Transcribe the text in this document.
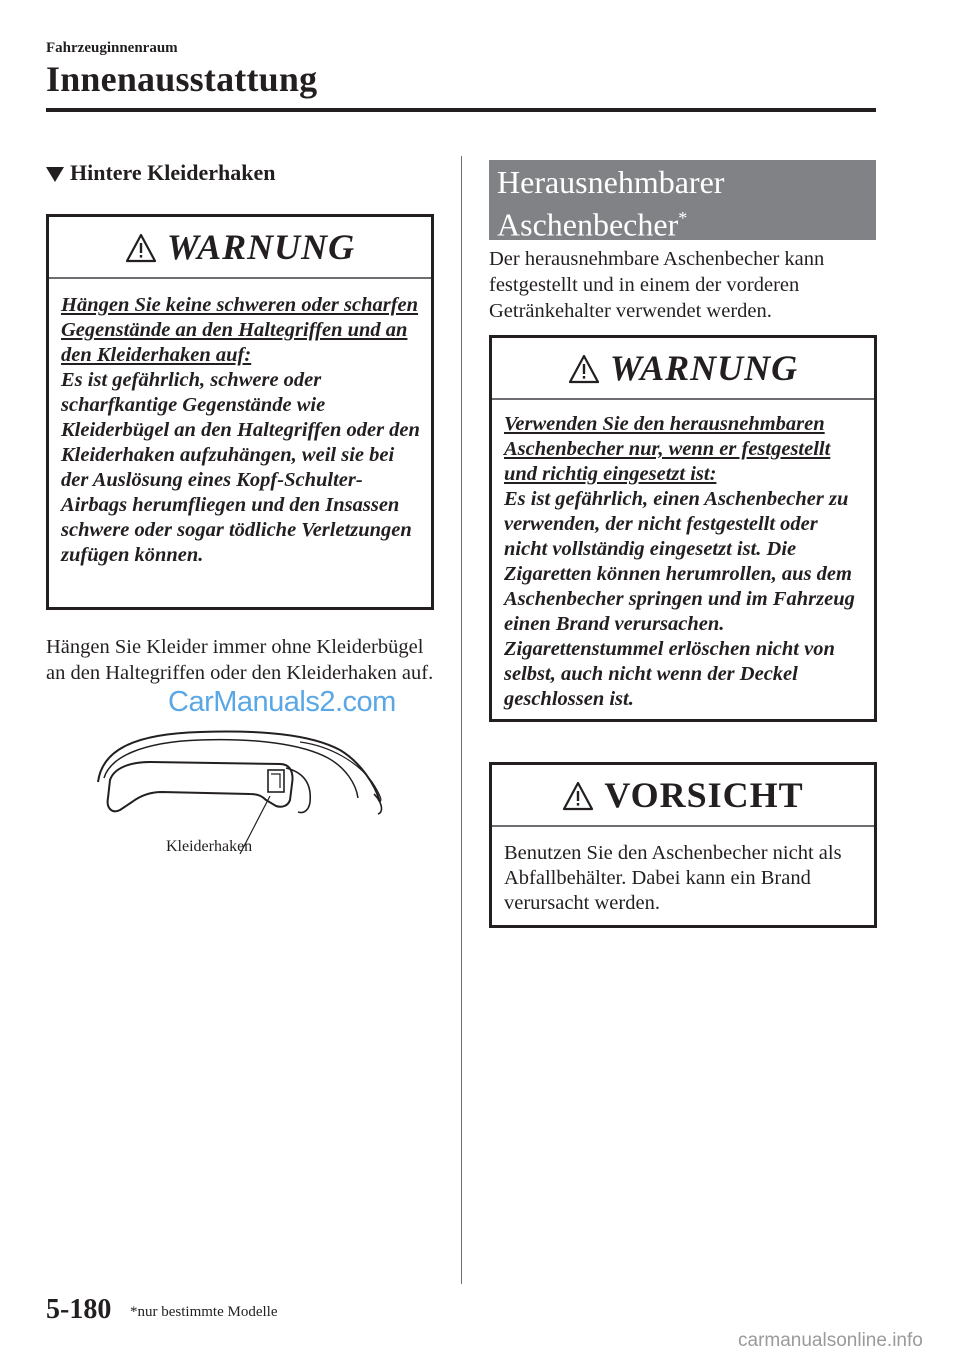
Fahrzeuginnenraum
Innenausstattung
Hintere Kleiderhaken
WARNUNG
Hängen Sie keine schweren oder scharfen Gegenstände an den Haltegriffen und an den Kleiderhaken auf:
Es ist gefährlich, schwere oder scharfkantige Gegenstände wie Kleiderbügel an den Haltegriffen oder den Kleiderhaken aufzuhängen, weil sie bei der Auslösung eines Kopf-Schulter-Airbags herumfliegen und den Insassen schwere oder sogar tödliche Verletzungen zufügen können.
Hängen Sie Kleider immer ohne Kleiderbügel an den Haltegriffen oder den Kleiderhaken auf.
Kleiderhaken
Herausnehmbarer
Aschenbecher*
Der herausnehmbare Aschenbecher kann festgestellt und in einem der vorderen Getränkehalter verwendet werden.
WARNUNG
Verwenden Sie den herausnehmbaren Aschenbecher nur, wenn er festgestellt und richtig eingesetzt ist:
Es ist gefährlich, einen Aschenbecher zu verwenden, der nicht festgestellt oder nicht vollständig eingesetzt ist. Die Zigaretten können herumrollen, aus dem Aschenbecher springen und im Fahrzeug einen Brand verursachen. Zigarettenstummel erlöschen nicht von selbst, auch nicht wenn der Deckel geschlossen ist.
VORSICHT
Benutzen Sie den Aschenbecher nicht als Abfallbehälter. Dabei kann ein Brand verursacht werden.
5-180 *nur bestimmte Modelle
CarManuals2.com
carmanualsonline.info
